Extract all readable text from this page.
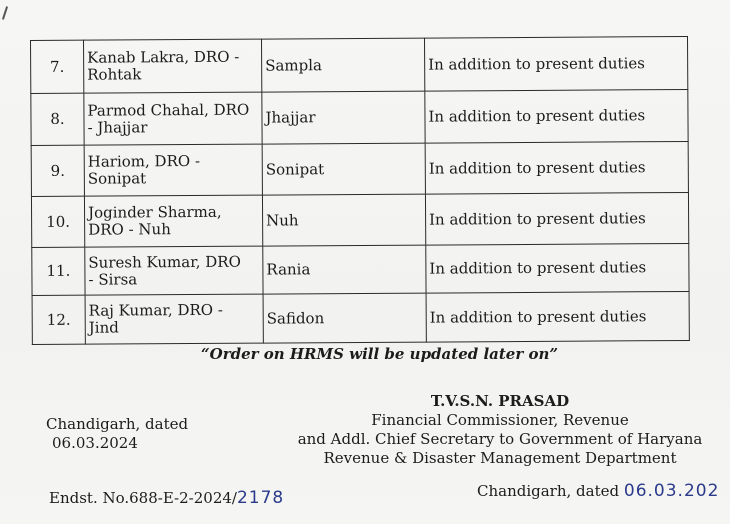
7.	Kanab Lakra, DRO -
Rohtak	Sampla	In addition to present duties
8.	Parmod Chahal, DRO
- Jhajjar	Jhajjar	In addition to present duties
9.	Hariom, DRO -
Sonipat	Sonipat	In addition to present duties
10.	Joginder Sharma,
DRO - Nuh	Nuh	In addition to present duties
11.	Suresh Kumar, DRO
- Sirsa	Rania	In addition to present duties
12.	Raj Kumar, DRO -
Jind	Safidon	In addition to present duties
“Order on HRMS will be updated later on”
T.V.S.N. PRASAD
Financial Commissioner, Revenue
and Addl. Chief Secretary to Government of Haryana
Revenue & Disaster Management Department
Chandigarh, dated
06.03.2024
Endst. No.688-E-2-2024/2178	Chandigarh, dated 06.03.202
